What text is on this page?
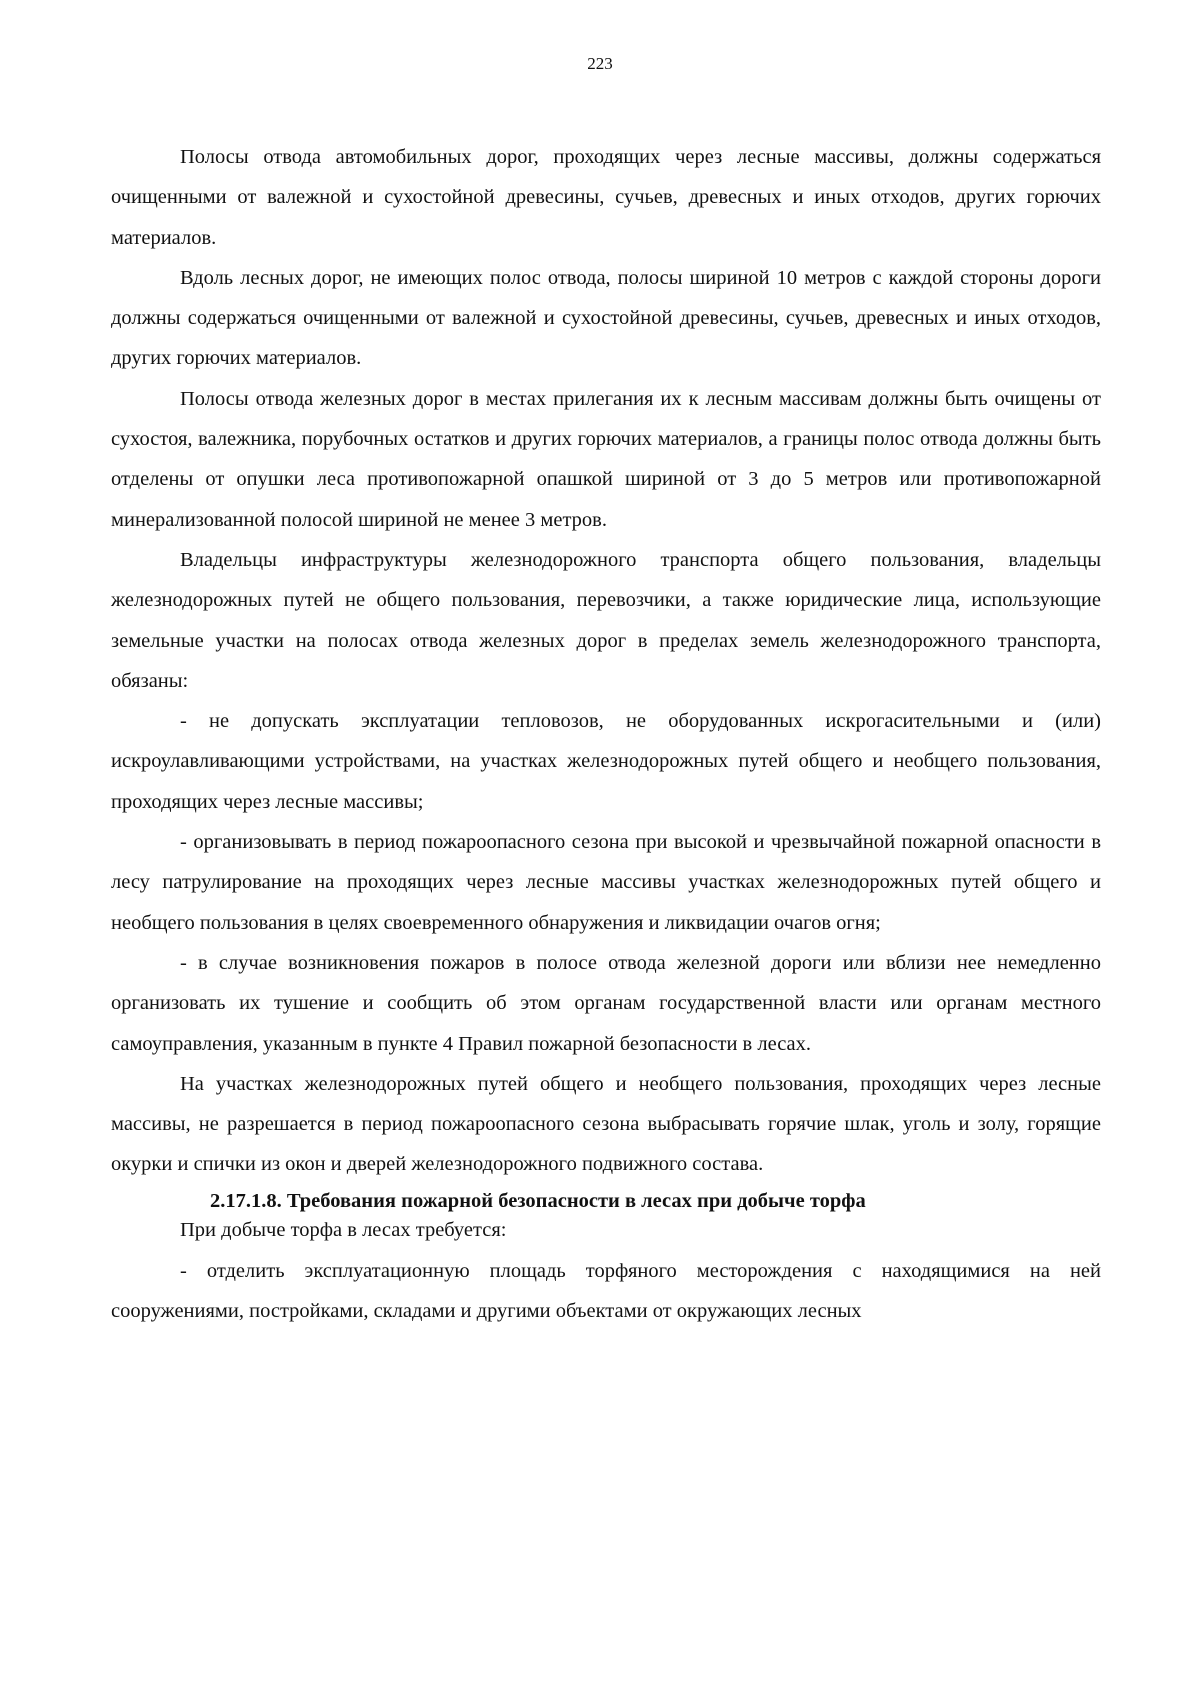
223

Полосы отвода автомобильных дорог, проходящих через лесные массивы, должны содержаться очищенными от валежной и сухостойной древесины, сучьев, древесных и иных отходов, других горючих материалов.

Вдоль лесных дорог, не имеющих полос отвода, полосы шириной 10 метров с каждой стороны дороги должны содержаться очищенными от валежной и сухостойной древесины, сучьев, древесных и иных отходов, других горючих материалов.

Полосы отвода железных дорог в местах прилегания их к лесным массивам должны быть очищены от сухостоя, валежника, порубочных остатков и других горючих материалов, а границы полос отвода должны быть отделены от опушки леса противопожарной опашкой шириной от 3 до 5 метров или противопожарной минерализованной полосой шириной не менее 3 метров.

Владельцы инфраструктуры железнодорожного транспорта общего пользования, владельцы железнодорожных путей не общего пользования, перевозчики, а также юридические лица, использующие земельные участки на полосах отвода железных дорог в пределах земель железнодорожного транспорта, обязаны:

- не допускать эксплуатации тепловозов, не оборудованных искрогасительными и (или) искроулавливающими устройствами, на участках железнодорожных путей общего и необщего пользования, проходящих через лесные массивы;

- организовывать в период пожароопасного сезона при высокой и чрезвычайной пожарной опасности в лесу патрулирование на проходящих через лесные массивы участках железнодорожных путей общего и необщего пользования в целях своевременного обнаружения и ликвидации очагов огня;

- в случае возникновения пожаров в полосе отвода железной дороги или вблизи нее немедленно организовать их тушение и сообщить об этом органам государственной власти или органам местного самоуправления, указанным в пункте 4 Правил пожарной безопасности в лесах.

На участках железнодорожных путей общего и необщего пользования, проходящих через лесные массивы, не разрешается в период пожароопасного сезона выбрасывать горячие шлак, уголь и золу, горящие окурки и спички из окон и дверей железнодорожного подвижного состава.

2.17.1.8. Требования пожарной безопасности в лесах при добыче торфа

При добыче торфа в лесах требуется:

- отделить эксплуатационную площадь торфяного месторождения с находящимися на ней сооружениями, постройками, складами и другими объектами от окружающих лесных
